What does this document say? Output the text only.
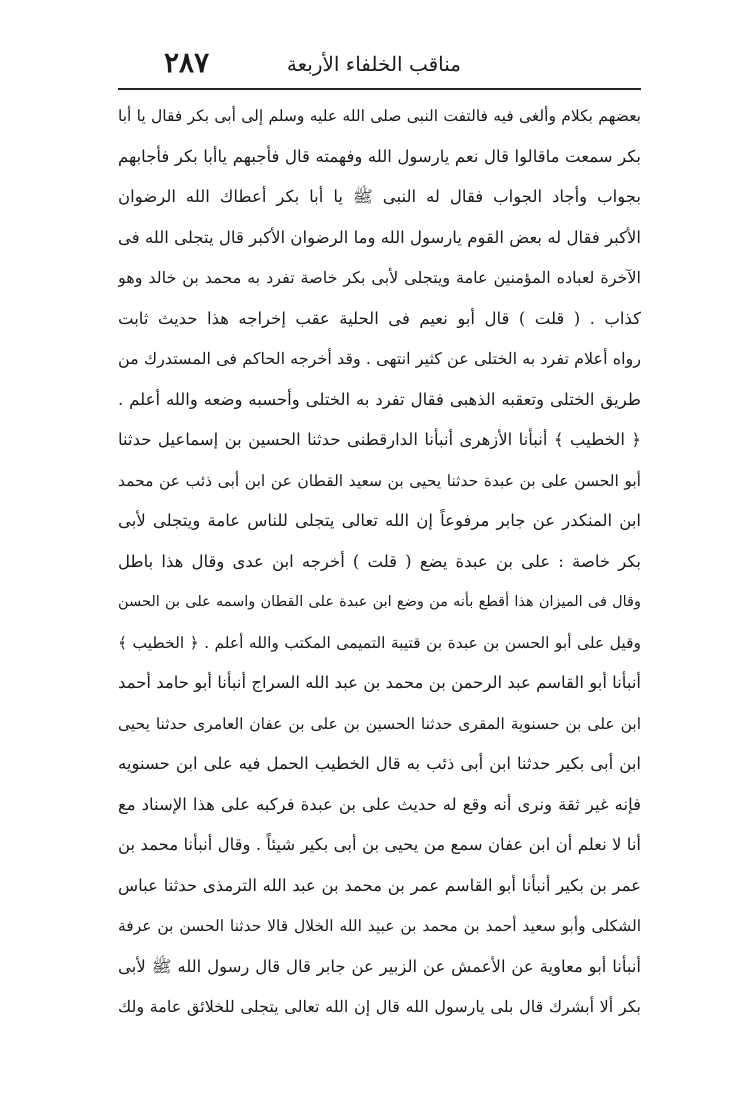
مناقب الخلفاء الأربعة
٢٨٧
بعضهم بكلام وألغى فيه فالتفت النبى صلى الله عليه وسلم إلى أبى بكر فقال يا أبا
بكر سمعت ماقالوا قال نعم يارسول الله وفهمته قال فأجبهم ياأبا بكر فأجابهم
بجواب وأجاد الجواب فقال له النبى ﷺ يا أبا بكر أعطاك الله الرضوان
الأكبر فقال له بعض القوم يارسول الله وما الرضوان الأكبر قال يتجلى الله فى
الآخرة لعباده المؤمنين عامة ويتجلى لأبى بكر خاصة تفرد به محمد بن خالد وهو
كذاب . ( قلت ) قال أبو نعيم فى الحلية عقب إخراجه هذا حديث ثابت
رواه أعلام تفرد به الختلى عن كثير انتهى . وقد أخرجه الحاكم فى المستدرك من
طريق الختلى وتعقبه الذهبى فقال تفرد به الختلى وأحسبه وضعه والله أعلم .
﴿ الخطيب ﴾ أنبأنا الأزهرى أنبأنا الدارقطنى حدثنا الحسين بن إسماعيل حدثنا
أبو الحسن على بن عبدة حدثنا يحيى بن سعيد القطان عن ابن أبى ذئب عن محمد
ابن المنكدر عن جابر مرفوعاً إن الله تعالى يتجلى للناس عامة ويتجلى لأبى
بكر خاصة : على بن عبدة يضع ( قلت ) أخرجه ابن عدى وقال هذا باطل
وقال فى الميزان هذا أقطع بأنه من وضع ابن عبدة على القطان واسمه على بن الحسن
وقيل على أبو الحسن بن عبدة بن قتيبة التميمى المكتب والله أعلم . ﴿ الخطيب ﴾
أنبأنا أبو القاسم عبد الرحمن بن محمد بن عبد الله السراج أنبأنا أبو حامد أحمد
ابن على بن حسنوية المقرى حدثنا الحسين بن على بن عفان العامرى حدثنا يحيى
ابن أبى بكير حدثنا ابن أبى ذئب به قال الخطيب الحمل فيه على ابن حسنويه
فإنه غير ثقة ونرى أنه وقع له حديث على بن عبدة فركبه على هذا الإسناد مع
أنا لا نعلم أن ابن عفان سمع من يحيى بن أبى بكير شيئاً . وقال أنبأنا محمد بن
عمر بن بكير أنبأنا أبو القاسم عمر بن محمد بن عبد الله الترمذى حدثنا عباس
الشكلى وأبو سعيد أحمد بن محمد بن عبيد الله الخلال قالا حدثنا الحسن بن عرفة
أنبأنا أبو معاوية عن الأعمش عن الزبير عن جابر قال قال رسول الله ﷺ لأبى
بكر ألا أبشرك قال بلى يارسول الله قال إن الله تعالى يتجلى للخلائق عامة ولك
